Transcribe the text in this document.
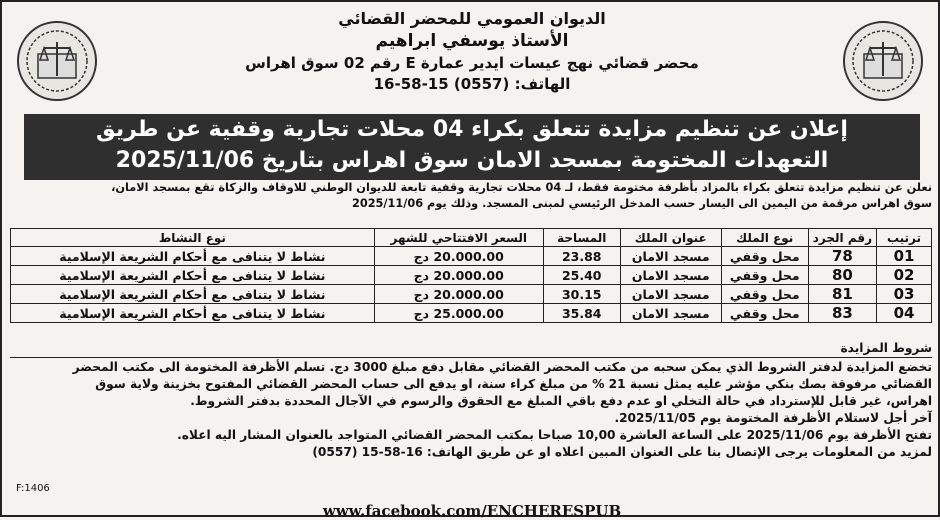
الديوان العمومي للمحضر القضائي
الأستاذ يوسفي ابراهيم
محضر قضائي نهج عيسات ايدير عمارة E رقم 02 سوق اهراس
الهاتف: 16-58-15 (0557)
إعلان عن تنظيم مزايدة تتعلق بكراء 04 محلات تجارية وقفية عن طريق
التعهدات المختومة بمسجد الامان سوق اهراس بتاريخ 2025/11/06
نعلن عن تنظيم مزايدة تتعلق بكراء بالمزاد بأظرفة مختومة فقط، لـ 04 محلات تجارية وقفية تابعة للديوان الوطني للاوقاف والزكاة تقع بمسجد الامان،
سوق اهراس مرقمة من اليمين الى اليسار حسب المدخل الرئيسي لمبنى المسجد. وذلك يوم 2025/11/06
ترتيب	رقم الجرد	نوع الملك	عنوان الملك	المساحة	السعر الافتتاحي للشهر	نوع النشاط
01	78	محل وقفي	مسجد الامان	23.88	20.000.00 دج	نشاط لا يتنافى مع أحكام الشريعة الإسلامية
02	80	محل وقفي	مسجد الامان	25.40	20.000.00 دج	نشاط لا يتنافى مع أحكام الشريعة الإسلامية
03	81	محل وقفي	مسجد الامان	30.15	20.000.00 دج	نشاط لا يتنافى مع أحكام الشريعة الإسلامية
04	83	محل وقفي	مسجد الامان	35.84	25.000.00 دج	نشاط لا يتنافى مع أحكام الشريعة الإسلامية
شروط المزايدة
تخضع المزايدة لدفتر الشروط الذي يمكن سحبه من مكتب المحضر القضائي مقابل دفع مبلغ 3000 دج. تسلم الأظرفة المختومة الى مكتب المحضر
القضائي مرفوقة بصك بنكي مؤشر عليه يمثل نسبة 21 % من مبلغ كراء سنة، او يدفع الى حساب المحضر القضائي المفتوح بخزينة ولاية سوق
اهراس، غير قابل للإسترداد في حالة التخلي او عدم دفع باقي المبلغ مع الحقوق والرسوم في الآجال المحددة بدفتر الشروط.
آخر أجل لاستلام الأظرفة المختومة يوم 2025/11/05.
تفتح الأظرفة يوم 2025/11/06 على الساعة العاشرة 10,00 صباحا بمكتب المحضر القضائي المتواجد بالعنوان المشار اليه اعلاه.
لمزيد من المعلومات يرجى الإتصال بنا على العنوان المبين اعلاه او عن طريق الهاتف: 16-58-15 (0557)
F:1406
www.facebook.com/ENCHERESPUB
